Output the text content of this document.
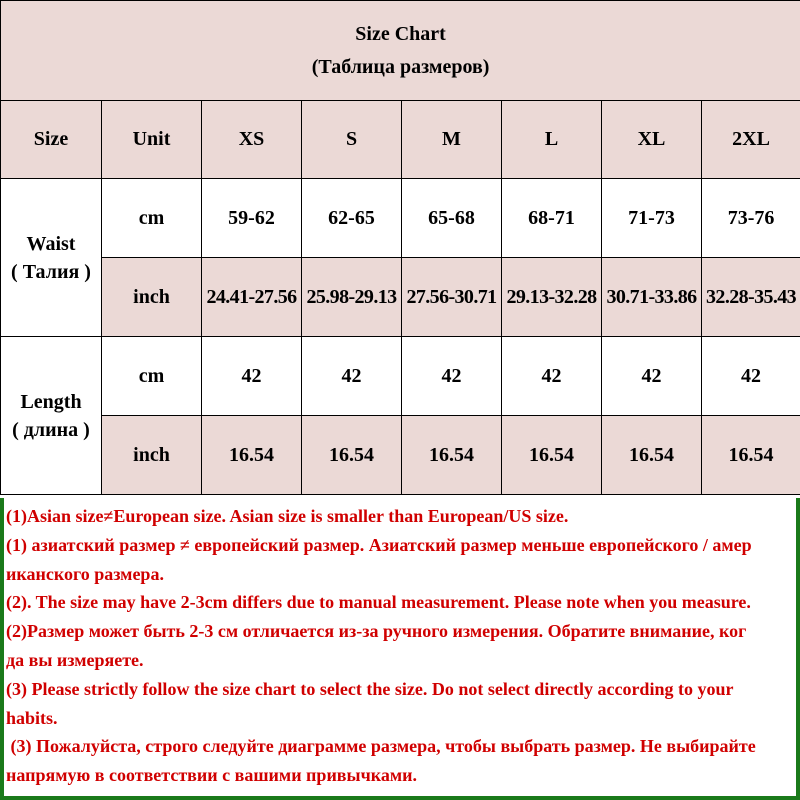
Size Chart
(Таблица размеров)							

Size	Unit	XS	S	M	L	XL	2XL

Waist
( Талия )	cm	59-62	62-65	65-68	68-71	71-73	73-76
	inch	24.41-27.56	25.98-29.13	27.56-30.71	29.13-32.28	30.71-33.86	32.28-35.43

Length
( длина )	cm	42	42	42	42	42	42
	inch	16.54	16.54	16.54	16.54	16.54	16.54
(1)Asian size≠European size. Asian size is smaller than European/US size.
(1) азиатский размер ≠ европейский размер. Азиатский размер меньше европейского / амер
иканского размера.
(2). The size may have 2-3cm differs due to manual measurement. Please note when you measure.
(2)Размер может быть 2-3 см отличается из-за ручного измерения. Обратите внимание, ког
да вы измеряете.
(3) Please strictly follow the size chart to select the size. Do not select directly according to your
habits.
(3) Пожалуйста, строго следуйте диаграмме размера, чтобы выбрать размер. Не выбирайте
напрямую в соответствии с вашими привычками.
